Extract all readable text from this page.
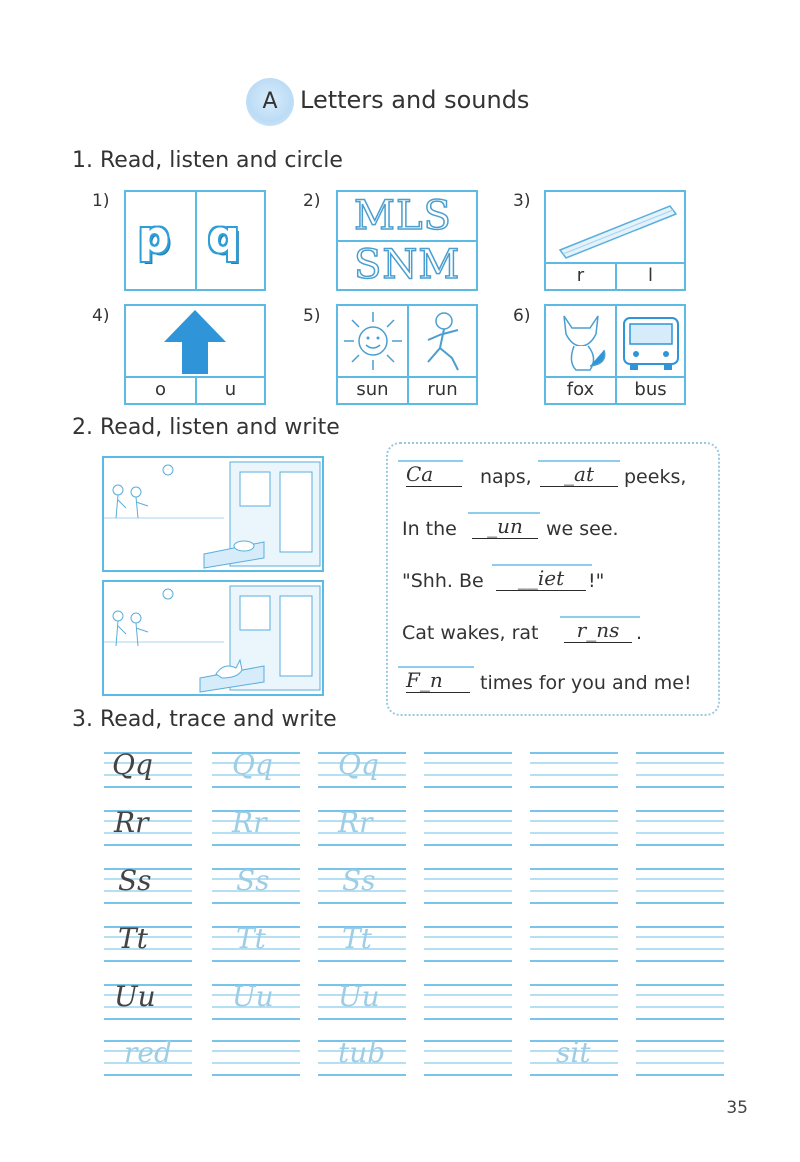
A Letters and sounds
1. Read, listen and circle
1)
p q
2) MLS
SNM
3)
r	l
4)
o	u
5)
sun	run
6)
fox	bus
2. Read, listen and write
Ca	naps,	_at	peeks,
In the	_un	we see.
"Shh. Be	__iet	!"
Cat wakes, rat	r_ns .
F_n	times for you and me!
3. Read, trace and write
Qq	Qq Qq
Rr	Rr	Rr
Ss	Ss	Ss
Tt	Tt	Tt
Uu	Uu Uu
red	tub	sit
35
